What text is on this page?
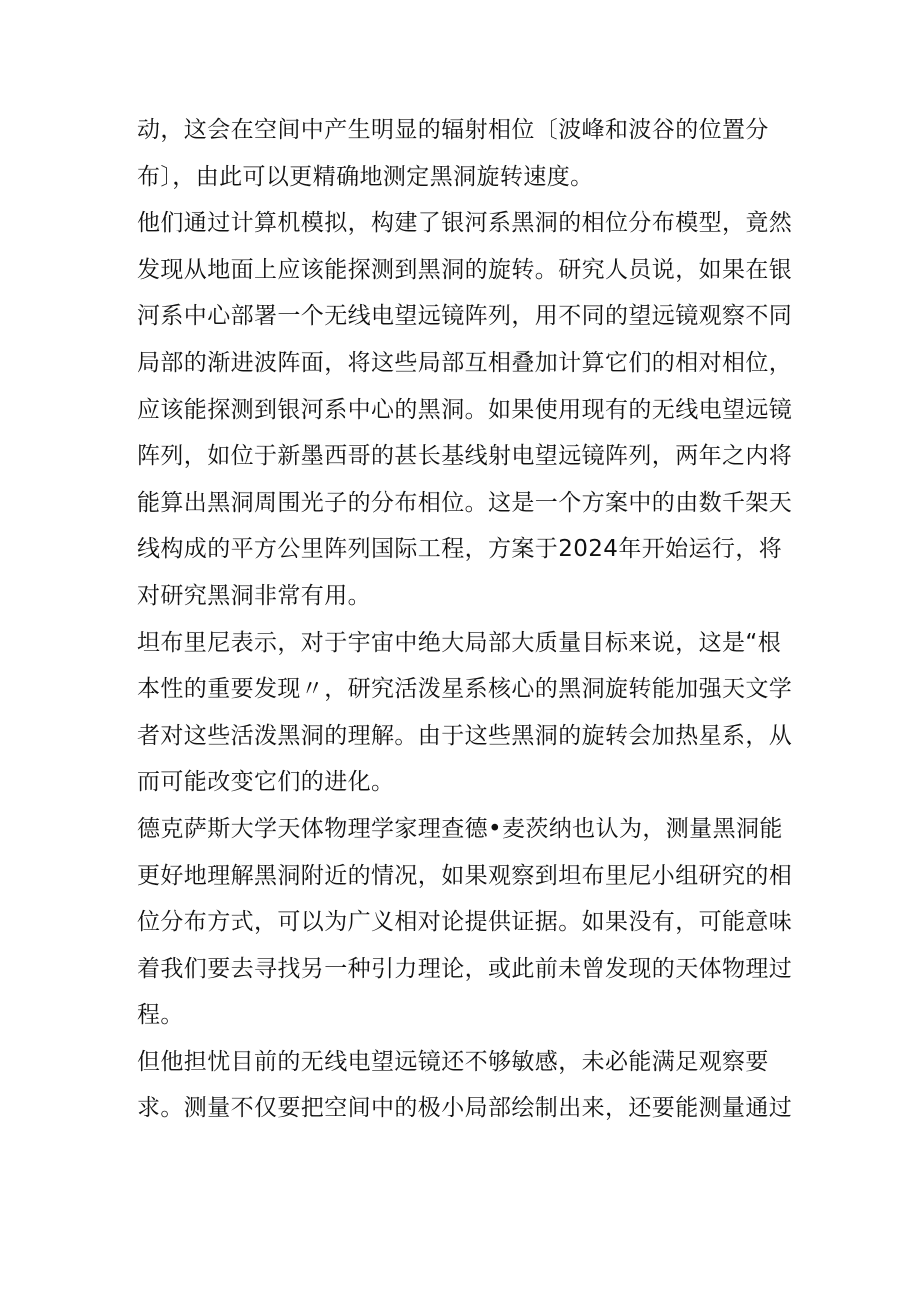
动，这会在空间中产生明显的辐射相位〔波峰和波谷的位置分
布〕，由此可以更精确地测定黑洞旋转速度。

他们通过计算机模拟，构建了银河系黑洞的相位分布模型，竟然
发现从地面上应该能探测到黑洞的旋转。研究人员说，如果在银
河系中心部署一个无线电望远镜阵列，用不同的望远镜观察不同
局部的渐进波阵面，将这些局部互相叠加计算它们的相对相位，
应该能探测到银河系中心的黑洞。如果使用现有的无线电望远镜
阵列，如位于新墨西哥的甚长基线射电望远镜阵列，两年之内将
能算出黑洞周围光子的分布相位。这是一个方案中的由数千架天
线构成的平方公里阵列国际工程，方案于2024年开始运行，将
对研究黑洞非常有用。

坦布里尼表示，对于宇宙中绝大局部大质量目标来说，这是“根
本性的重要发现〃，研究活泼星系核心的黑洞旋转能加强天文学
者对这些活泼黑洞的理解。由于这些黑洞的旋转会加热星系，从
而可能改变它们的进化。

德克萨斯大学天体物理学家理查德•麦茨纳也认为，测量黑洞能
更好地理解黑洞附近的情况，如果观察到坦布里尼小组研究的相
位分布方式，可以为广义相对论提供证据。如果没有，可能意味
着我们要去寻找另一种引力理论，或此前未曾发现的天体物理过
程。

但他担忧目前的无线电望远镜还不够敏感，未必能满足观察要
求。测量不仅要把空间中的极小局部绘制出来，还要能测量通过
